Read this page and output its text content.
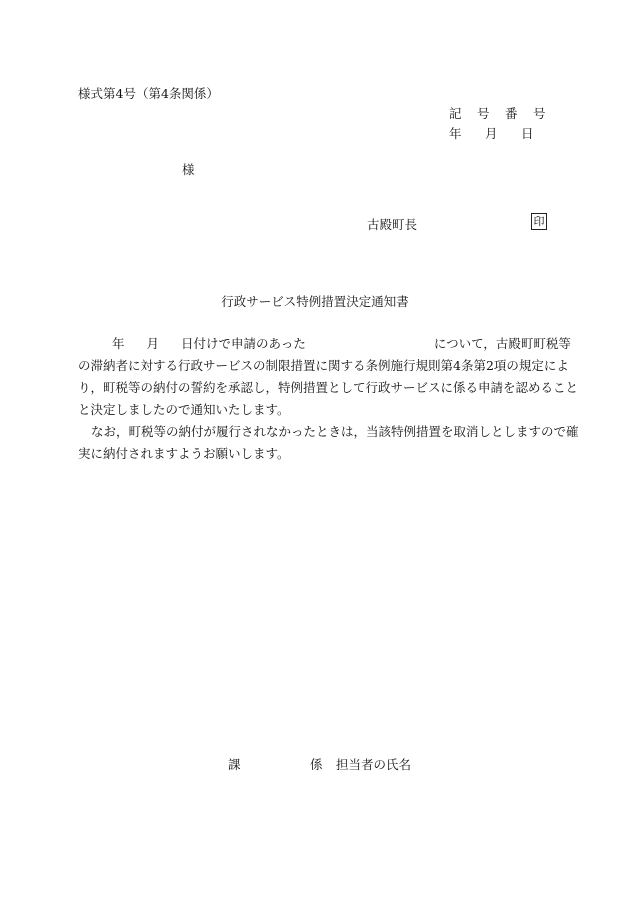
様式第4号（第4条関係）
記 号 番 号
年 月 日
様
古殿町長	印
行政サービス特例措置決定通知書
年 月 日付けで申請のあった	について，古殿町町税等
の滞納者に対する行政サービスの制限措置に関する条例施行規則第4条第2項の規定によ
り，町税等の納付の誓約を承認し，特例措置として行政サービスに係る申請を認めること
と決定しましたので通知いたします。
なお，町税等の納付が履行されなかったときは，当該特例措置を取消しとしますので確
実に納付されますようお願いします。
課	係 担当者の氏名
